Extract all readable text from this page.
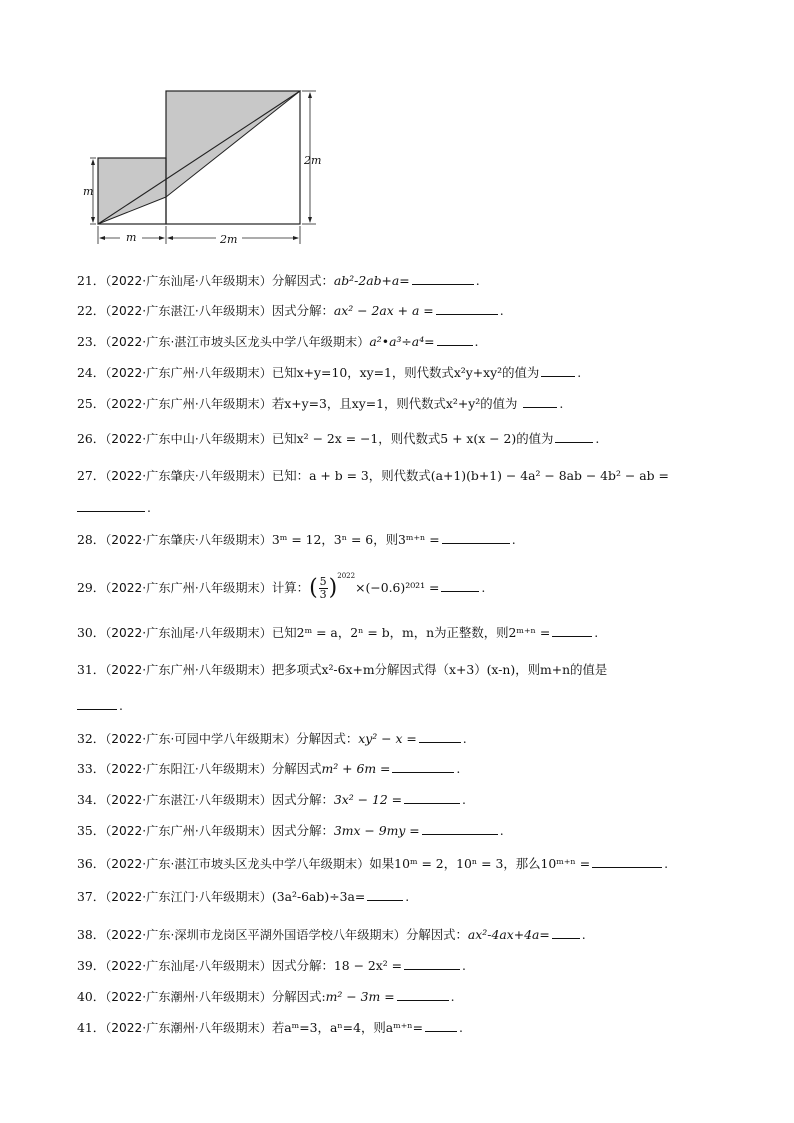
m
2m
m	2m
21．（2022·广东汕尾·八年级期末）分解因式：ab²-2ab+a=	.
22．（2022·广东湛江·八年级期末）因式分解：ax² − 2ax + a =	.
23．（2022·广东·湛江市坡头区龙头中学八年级期末）a²•a³÷a⁴=	.
24．（2022·广东广州·八年级期末）已知x+y=10，xy=1，则代数式x²y+xy²的值为	.
25．（2022·广东广州·八年级期末）若x+y=3，且xy=1，则代数式x²+y²的值为	.
26．（2022·广东中山·八年级期末）已知x² − 2x = −1，则代数式5 + x(x − 2)的值为	.
27．（2022·广东肇庆·八年级期末）已知：a + b = 3，则代数式(a+1)(b+1) − 4a² − 8ab − 4b² − ab =
.
28．（2022·广东肇庆·八年级期末）3ᵐ = 12，3ⁿ = 6，则3ᵐ⁺ⁿ =	.
29．（2022·广东广州·八年级期末）计算：( $\frac{5}{3} )^{2022}\times(-0.6)^{2021}$ =	.
30．（2022·广东汕尾·八年级期末）已知2ᵐ = a，2ⁿ = b，m，n为正整数，则2ᵐ⁺ⁿ =	.
31．（2022·广东广州·八年级期末）把多项式x²-6x+m分解因式得（x+3）(x-n)，则m+n的值是
.
32．（2022·广东·可园中学八年级期末）分解因式：xy² − x =	.
33．（2022·广东阳江·八年级期末）分解因式m² + 6m =	.
34．（2022·广东湛江·八年级期末）因式分解：3x² − 12 =	.
35．（2022·广东广州·八年级期末）因式分解：3mx − 9my =	.
36．（2022·广东·湛江市坡头区龙头中学八年级期末）如果10ᵐ = 2，10ⁿ = 3，那么10ᵐ⁺ⁿ =	.
37．（2022·广东江门·八年级期末）(3a²-6ab)÷3a=	.
38．（2022·广东·深圳市龙岗区平湖外国语学校八年级期末）分解因式：ax²-4ax+4a=	.
39．（2022·广东汕尾·八年级期末）因式分解：18 − 2x² =	.
40．（2022·广东潮州·八年级期末）分解因式:m² − 3m =	.
41．（2022·广东潮州·八年级期末）若aᵐ=3，aⁿ=4，则aᵐ⁺ⁿ=	.
